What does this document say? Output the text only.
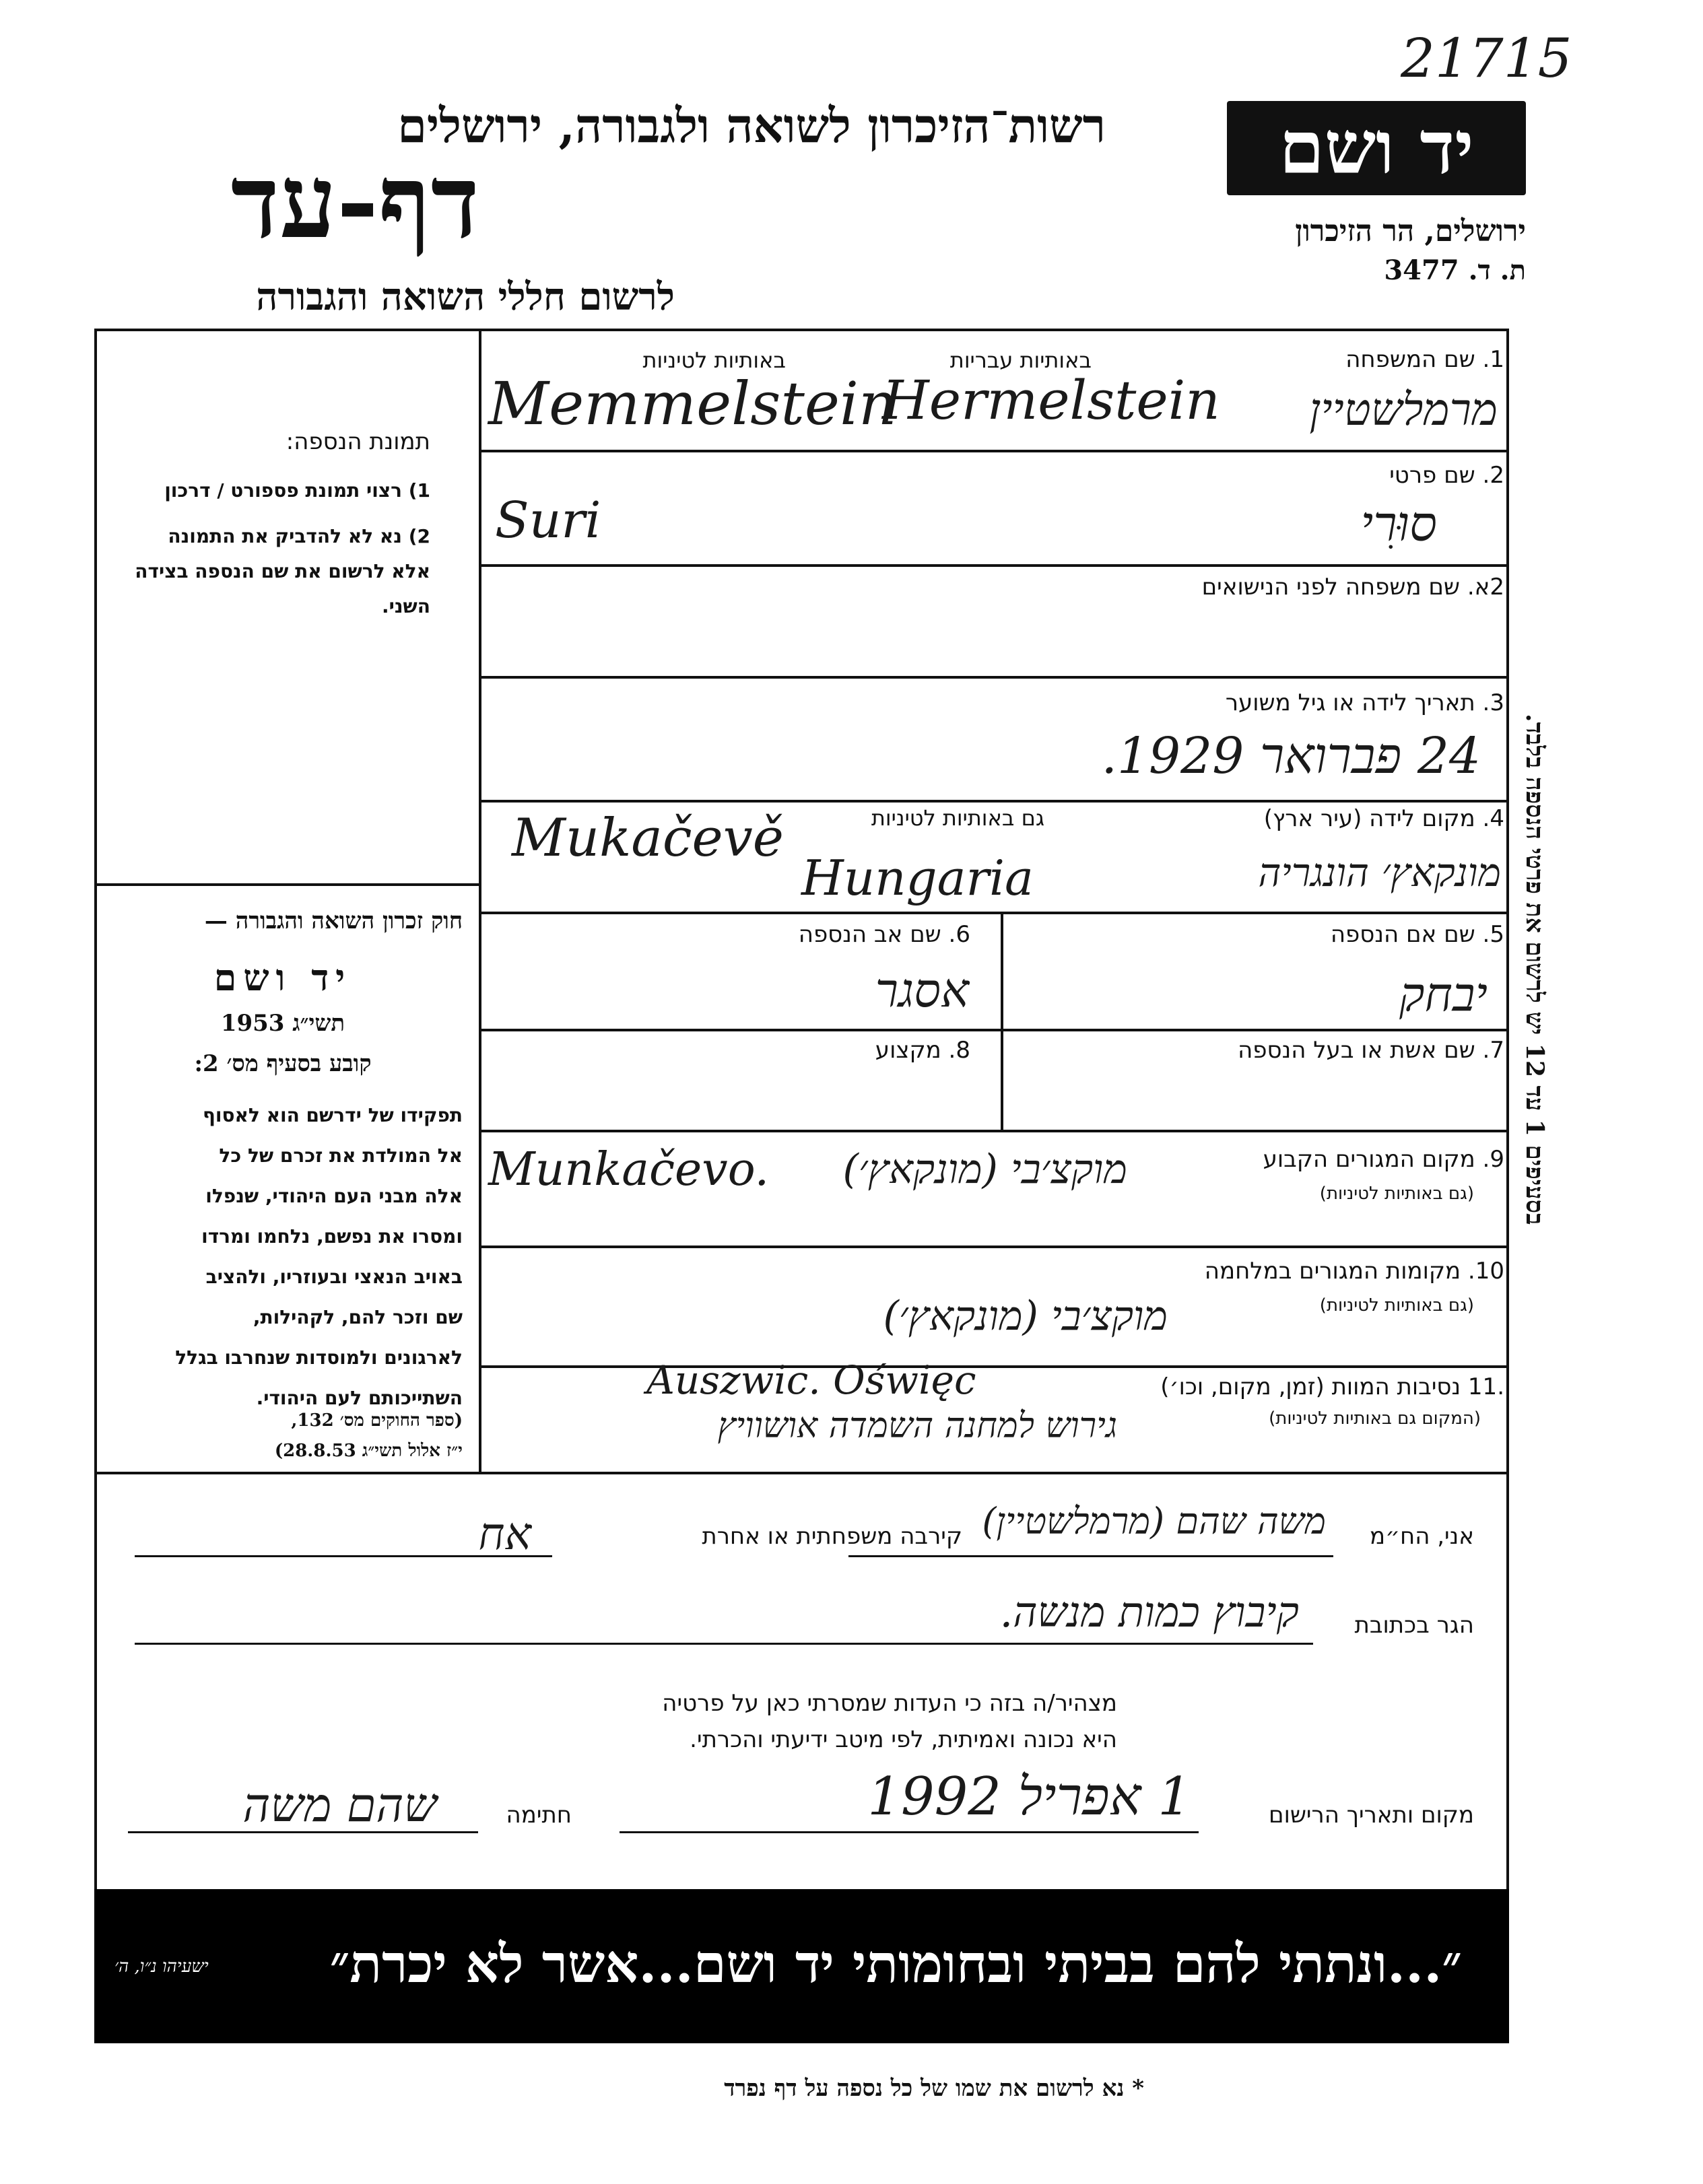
21715
יד ושם
ירושלים, הר הזיכרון
ת. ד. 3477
רשות־הזיכרון לשואה ולגבורה, ירושלים
דף-עד
לרשום חללי השואה והגבורה
בסעיפים 1 עד 12 יש לרשום את פרטי הנספה בלבד.
תמונת הנספה:
1) רצוי תמונת פספורט / דרכון
2) נא לא להדביק את התמונה
אלא לרשום את שם הנספה בצידה
השני.
חוק זכרון השואה והגבורה —
יד ושם
תשי״ג 1953
קובע בסעיף מס׳ 2:
תפקידו של ידרשם הוא לאסוף
אל המולדת את זכרם של כל
אלה מבני העם היהודי, שנפלו
ומסרו את נפשם, נלחמו ומרדו
באויב הנאצי ובעוזריו, ולהציב
שם וזכר להם, לקהילות,
לארגונים ולמוסדות שנחרבו בגלל
השתייכותם לעם היהודי.
(ספר החוקים מס׳ 132,
י״ז אלול תשי״ג 28.8.53)
1. שם המשפחה
באותיות עבריות
באותיות לטיניות
Memmelstein
Hermelstein מרמלשטיין
2. שם פרטי
Suri	סוּרִי
2א. שם משפחה לפני הנישואים
3. תאריך לידה או גיל משוער
24 פברואר 1929.
4. מקום לידה (עיר ארץ)
גם באותיות לטיניות
Mukačevě
Hungaria	מונקאץ׳ הונגריה
5. שם אם הנספה
יבחק
6. שם אב הנספה
אסגר
7. שם אשת או בעל הנספה
8. מקצוע
9. מקום המגורים הקבוע
(גם באותיות לטיניות)
Munkačevo. מוקצ׳בי (מונקאץ׳)
10. מקומות המגורים במלחמה
(גם באותיות לטיניות)
מוקצ׳בי (מונקאץ׳)
.11 נסיבות המוות (זמן, מקום, וכו׳)
(המקום גם באותיות לטיניות)
Auszwic. Oświęc
גירוש למחנה השמדה אושוויץ
אני, הח״מ
משה שהם (מרמלשטיין)
קירבה משפחתית או אחרת
אח
הגר בכתובת
קיבוץ כמות מנשה.
מצהיר/ה בזה כי העדות שמסרתי כאן על פרטיה
היא נכונה ואמיתית, לפי מיטב ידיעתי והכרתי.
מקום ותאריך הרישום
1 אפריל 1992
חתימה
שהם משה
״...ונתתי להם בביתי ובחומותי יד ושם...אשר לא יכרת״
ישעיהו נ״ו, ה׳
* נא לרשום את שמו של כל נספה על דף נפרד
